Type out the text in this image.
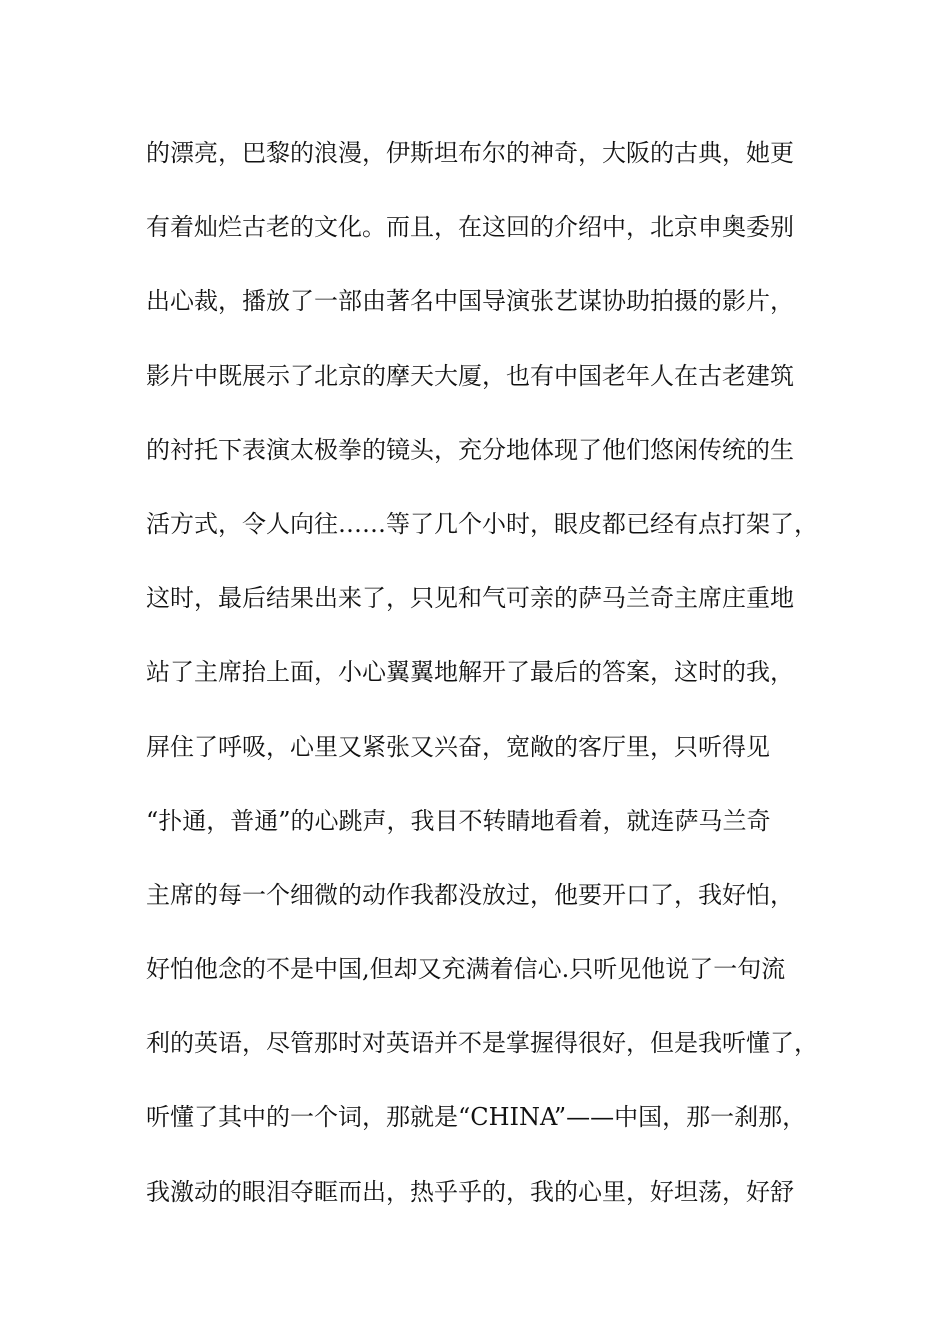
的漂亮，巴黎的浪漫，伊斯坦布尔的神奇，大阪的古典，她更
有着灿烂古老的文化。而且，在这回的介绍中，北京申奥委别
出心裁，播放了一部由著名中国导演张艺谋协助拍摄的影片，
影片中既展示了北京的摩天大厦，也有中国老年人在古老建筑
的衬托下表演太极拳的镜头，充分地体现了他们悠闲传统的生
活方式，令人向往……等了几个小时，眼皮都已经有点打架了，
这时，最后结果出来了，只见和气可亲的萨马兰奇主席庄重地
站了主席抬上面，小心翼翼地解开了最后的答案，这时的我，
屏住了呼吸，心里又紧张又兴奋，宽敞的客厅里，只听得见
“扑通，普通”的心跳声，我目不转睛地看着，就连萨马兰奇
主席的每一个细微的动作我都没放过，他要开口了，我好怕，
好怕他念的不是中国,但却又充满着信心.只听见他说了一句流
利的英语，尽管那时对英语并不是掌握得很好，但是我听懂了，
听懂了其中的一个词，那就是“CHINA”——中国，那一刹那，
我激动的眼泪夺眶而出，热乎乎的，我的心里，好坦荡，好舒
